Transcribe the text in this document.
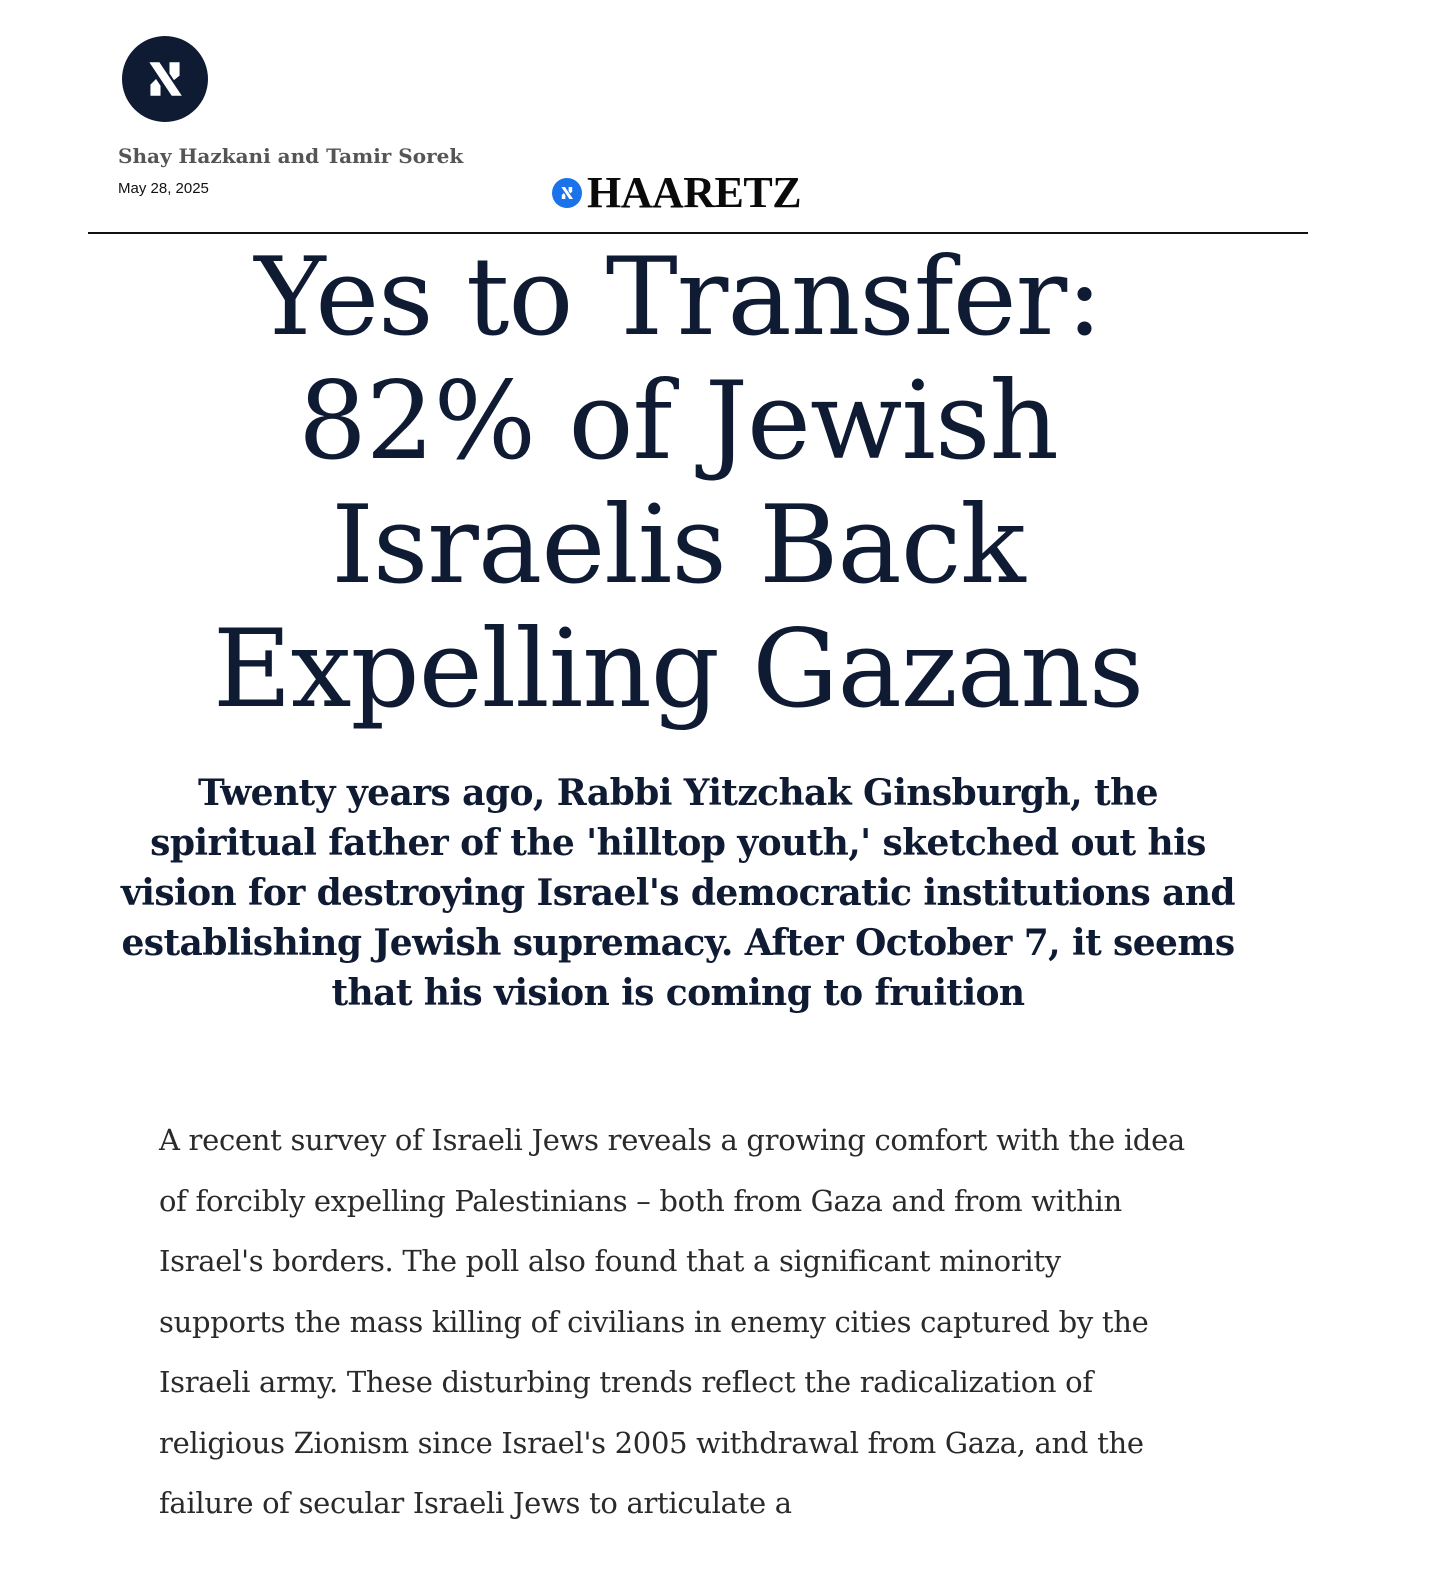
Shay Hazkani and Tamir Sorek
May 28, 2025	HAARETZ
Yes to Transfer: 82% of Jewish Israelis Back Expelling Gazans
Twenty years ago, Rabbi Yitzchak Ginsburgh, the spiritual father of the 'hilltop youth,' sketched out his vision for destroying Israel's democratic institutions and establishing Jewish supremacy. After October 7, it seems that his vision is coming to fruition

A recent survey of Israeli Jews reveals a growing comfort with the idea of forcibly expelling Palestinians – both from Gaza and from within Israel's borders. The poll also found that a significant minority supports the mass killing of civilians in enemy cities captured by the Israeli army. These disturbing trends reflect the radicalization of religious Zionism since Israel's 2005 withdrawal from Gaza, and the failure of secular Israeli Jews to articulate a
